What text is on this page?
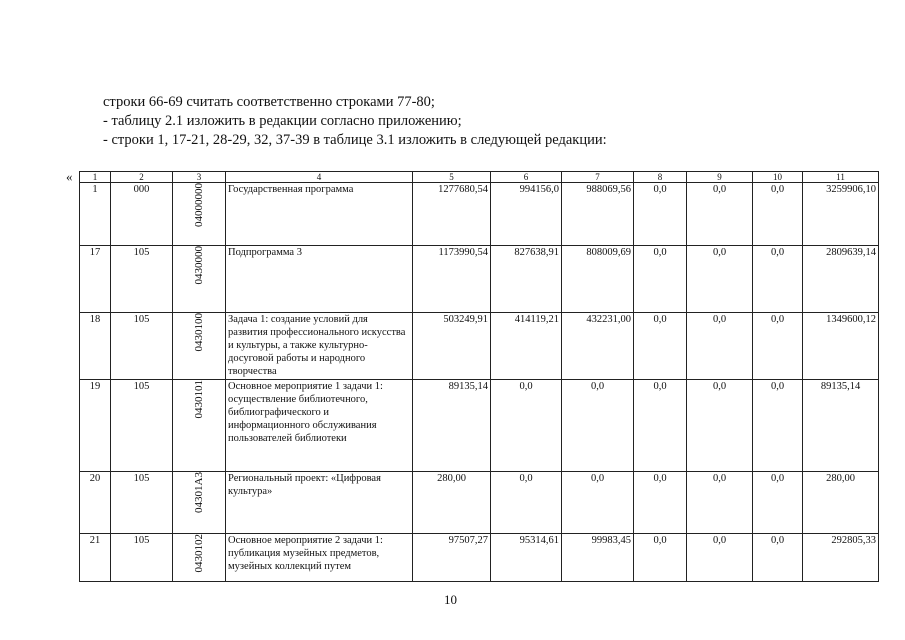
строки 66-69 считать соответственно строками 77-80;
- таблицу 2.1 изложить в редакции согласно приложению;
- строки 1, 17-21, 28-29, 32, 37-39 в таблице 3.1 изложить в следующей редакции:
« 1	2	3	4	5	6	7	8	9	10	11
1	000	04000000	Государственная программа	1277680,54	994156,0	988069,56	0,0	0,0	0,0	3259906,10
17	105	0430000	Подпрограмма 3	1173990,54	827638,91	808009,69	0,0	0,0	0,0	2809639,14
18	105	0430100	Задача 1: создание условий для развития профессионального искусства и культуры, а также культурно-досуговой работы и народного творчества	503249,91	414119,21	432231,00	0,0	0,0	0,0	1349600,12
19	105	0430101	Основное мероприятие 1 задачи 1: осуществление библиотечного, библиографического и информационного обслуживания пользователей библиотеки	89135,14	0,0	0,0	0,0	0,0	0,0	89135,14
20	105	04301A3	Региональный проект: «Цифровая культура»	280,00	0,0	0,0	0,0	0,0	0,0	280,00
21	105	0430102	Основное мероприятие 2 задачи 1: публикация музейных предметов, музейных коллекций путем	97507,27	95314,61	99983,45	0,0	0,0	0,0	292805,33
10
